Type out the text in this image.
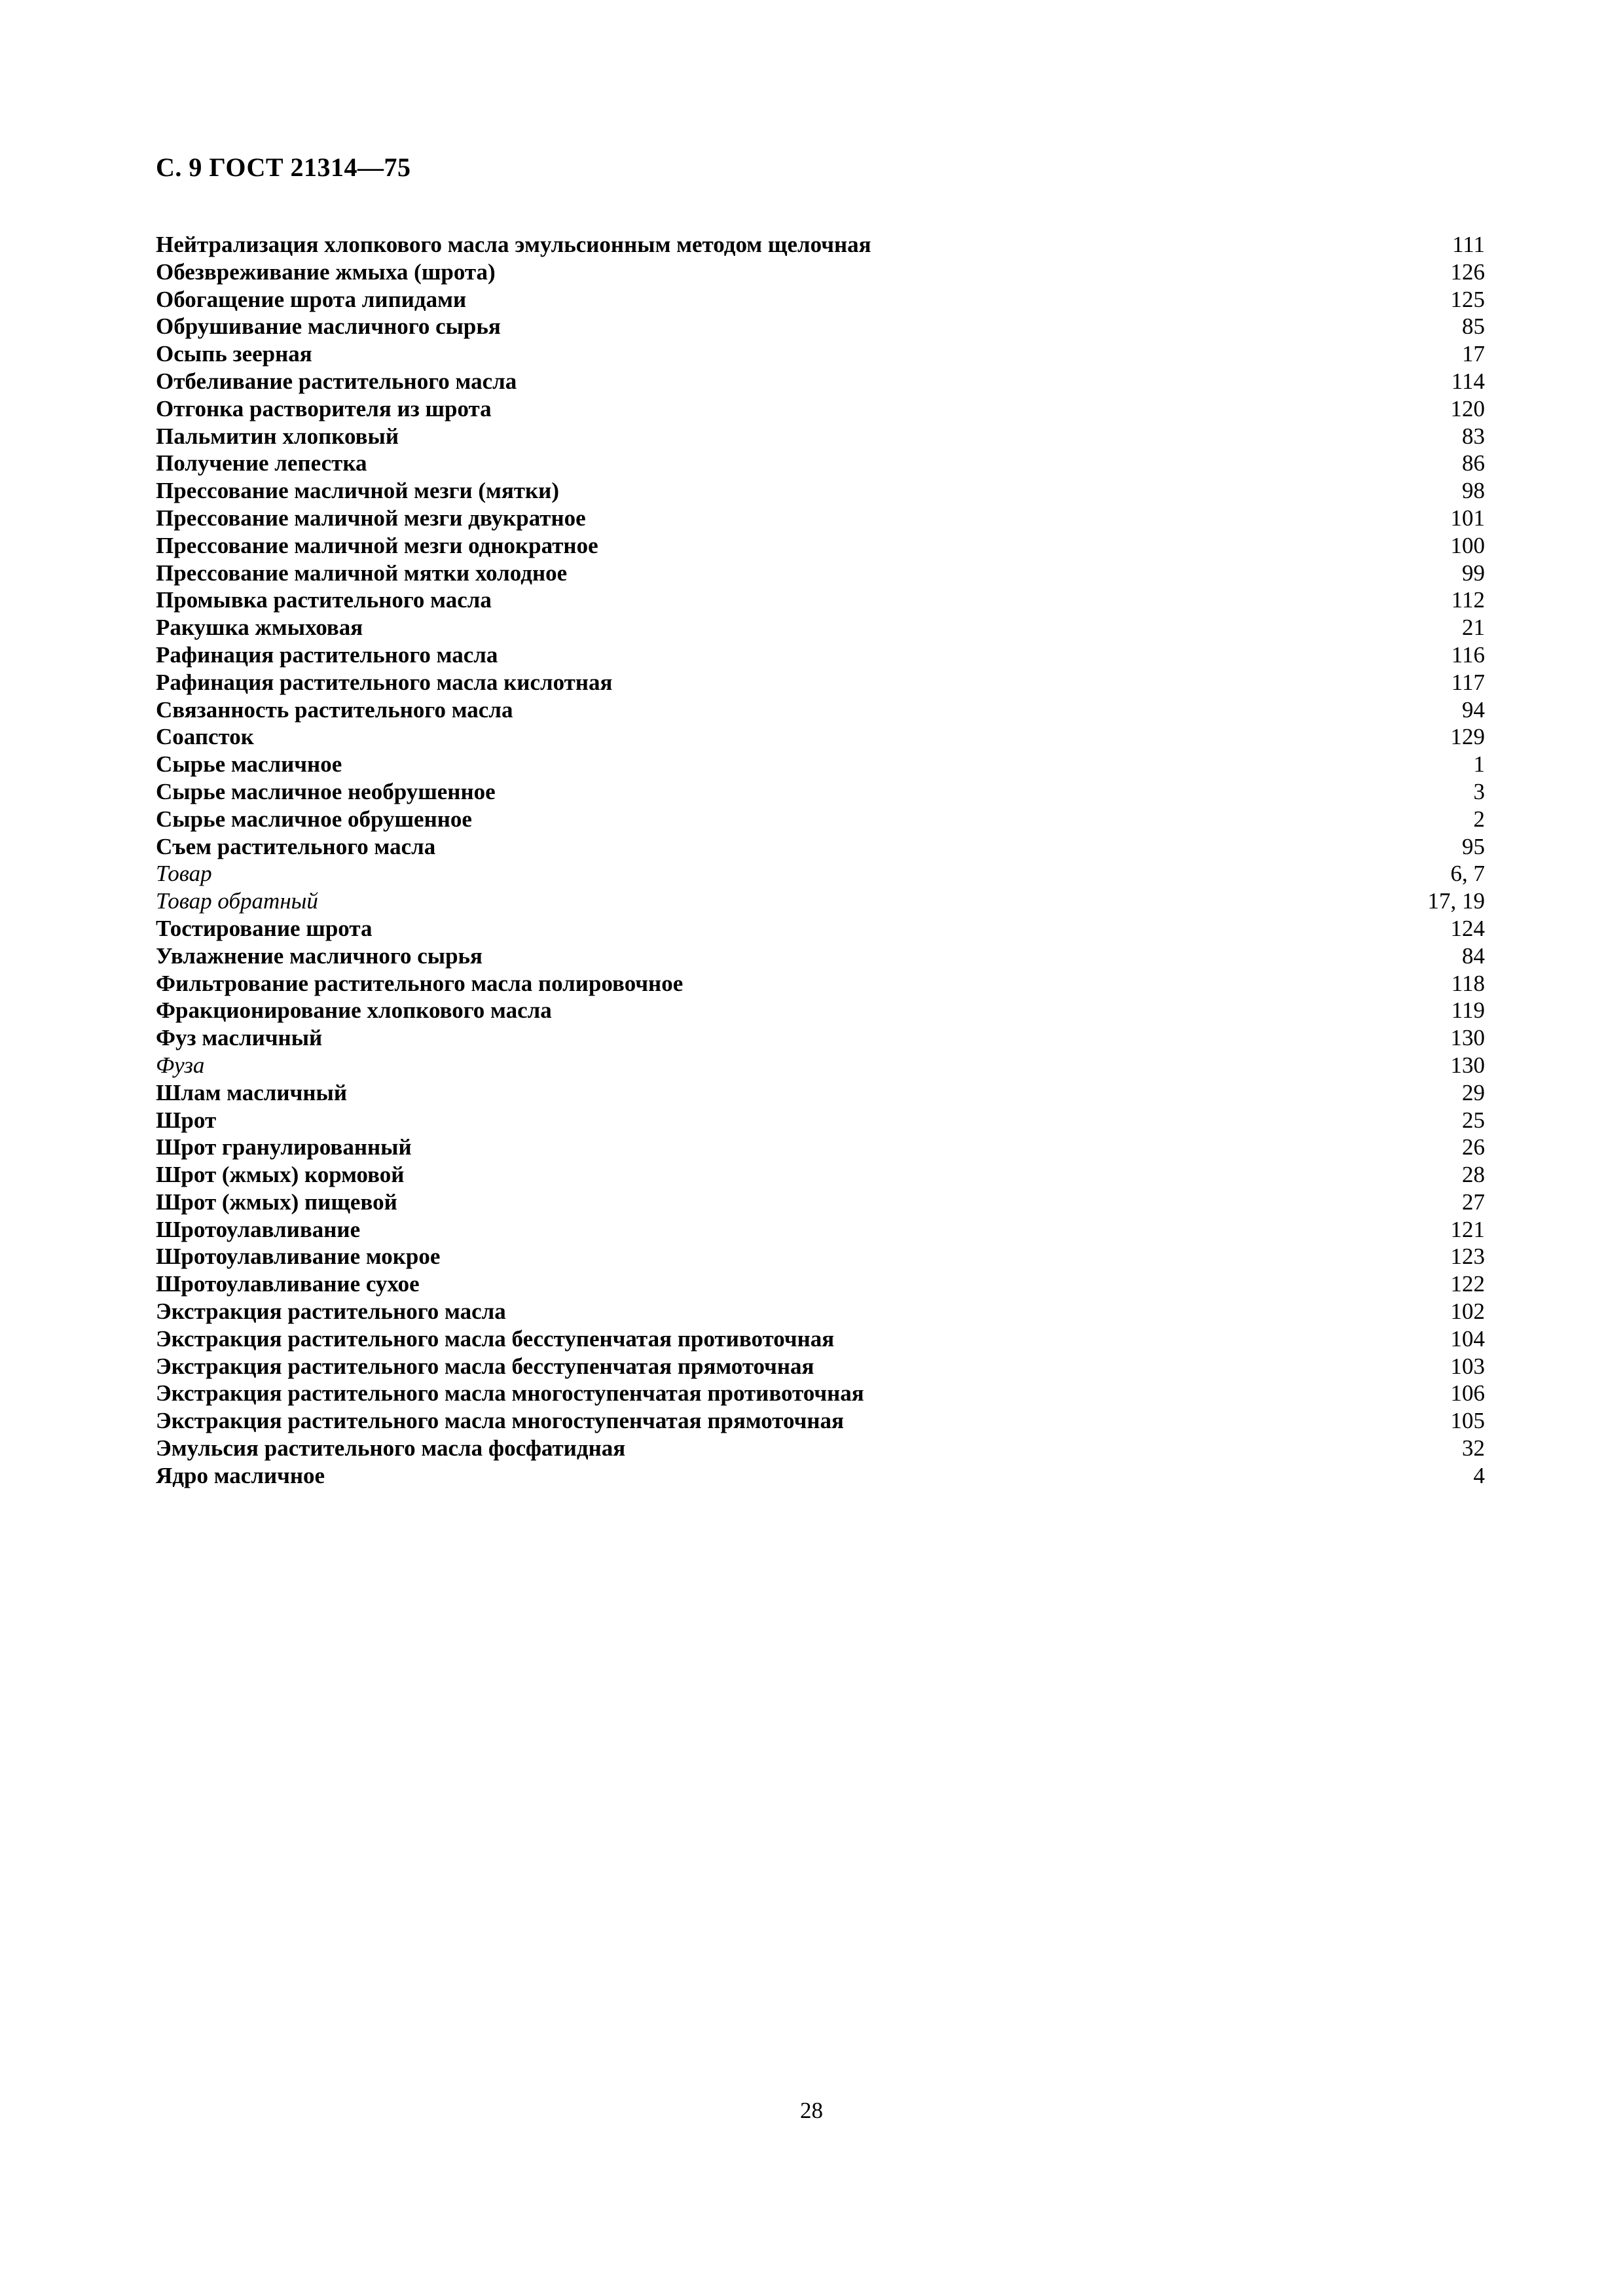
С. 9 ГОСТ 21314—75
Нейтрализация хлопкового масла эмульсионным методом щелочная	111
Обезвреживание жмыха (шрота)	126
Обогащение шрота липидами	125
Обрушивание масличного сырья	85
Осыпь зеерная	17
Отбеливание растительного масла	114
Отгонка растворителя из шрота	120
Пальмитин хлопковый	83
Получение лепестка	86
Прессование масличной мезги (мятки)	98
Прессование маличной мезги двукратное	101
Прессование маличной мезги однократное	100
Прессование маличной мятки холодное	99
Промывка растительного масла	112
Ракушка жмыховая	21
Рафинация растительного масла	116
Рафинация растительного масла кислотная	117
Связанность растительного масла	94
Соапсток	129
Сырье масличное	1
Сырье масличное необрушенное	3
Сырье масличное обрушенное	2
Съем растительного масла	95
Товар	6, 7
Товар обратный	17, 19
Тостирование шрота	124
Увлажнение масличного сырья	84
Фильтрование растительного масла полировочное	118
Фракционирование хлопкового масла	119
Фуз масличный	130
Фуза	130
Шлам масличный	29
Шрот	25
Шрот гранулированный	26
Шрот (жмых) кормовой	28
Шрот (жмых) пищевой	27
Шротоулавливание	121
Шротоулавливание мокрое	123
Шротоулавливание сухое	122
Экстракция растительного масла	102
Экстракция растительного масла бесступенчатая противоточная	104
Экстракция растительного масла бесступенчатая прямоточная	103
Экстракция растительного масла многоступенчатая противоточная	106
Экстракция растительного масла многоступенчатая прямоточная	105
Эмульсия растительного масла фосфатидная	32
Ядро масличное	4
28
